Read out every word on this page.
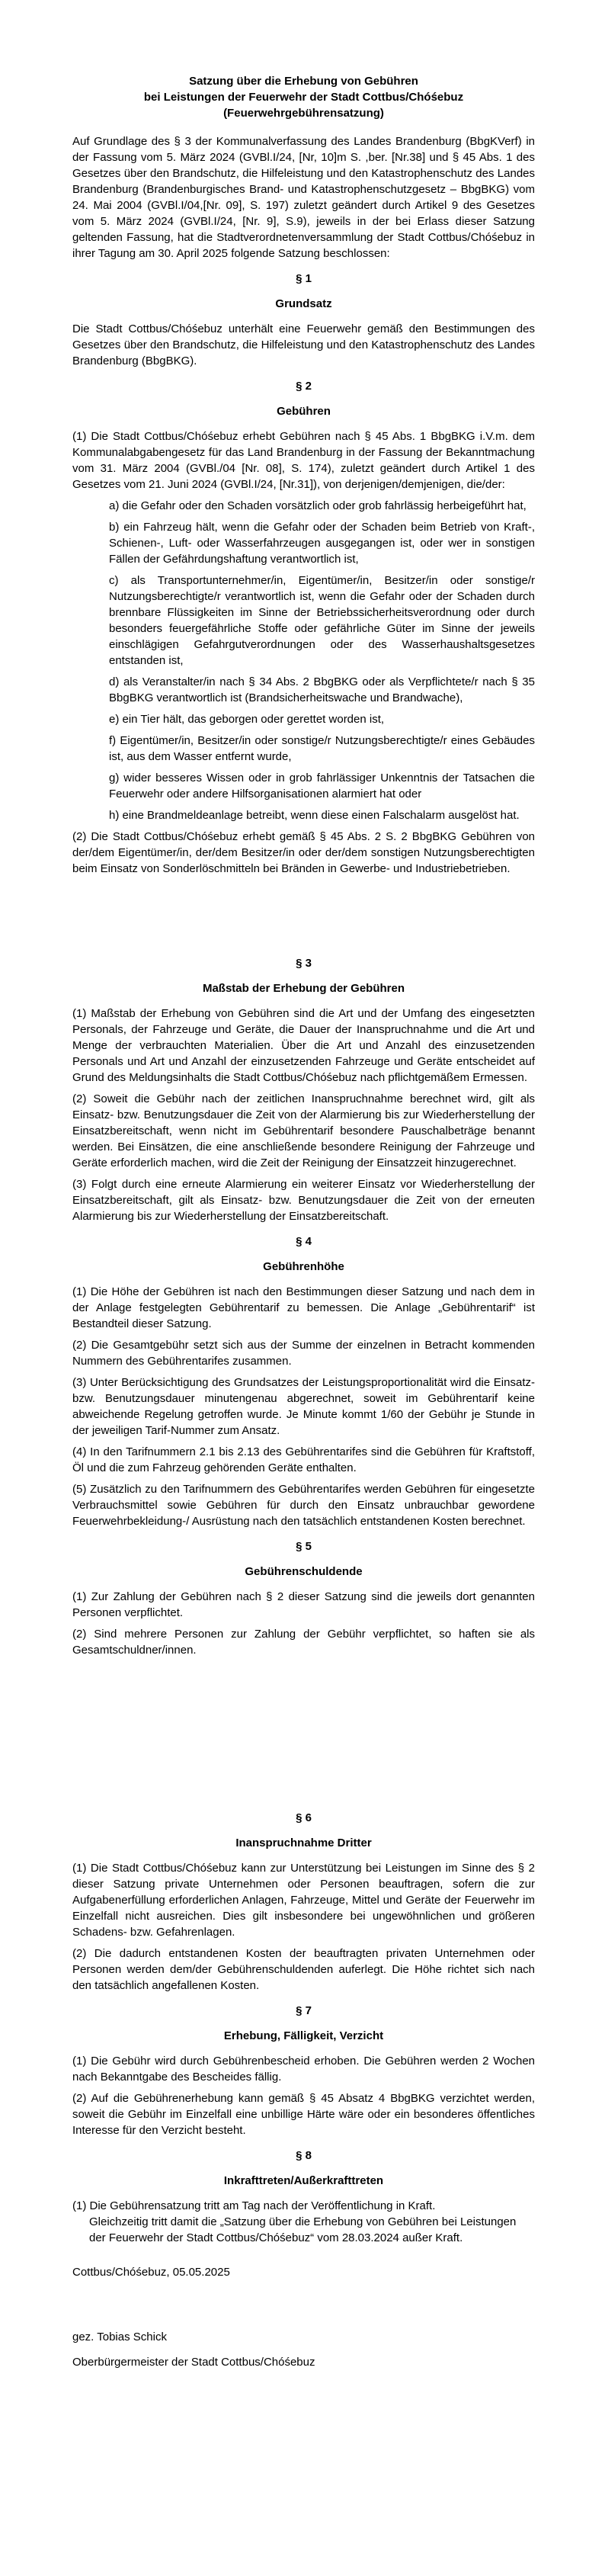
Satzung über die Erhebung von Gebühren
bei Leistungen der Feuerwehr der Stadt Cottbus/Chóśebuz
(Feuerwehrgebührensatzung)

Auf Grundlage des § 3 der Kommunalverfassung des Landes Brandenburg (BbgKVerf) in der Fassung vom 5. März 2024 (GVBl.I/24, [Nr, 10]m S. ,ber. [Nr.38] und § 45 Abs. 1 des Gesetzes über den Brandschutz, die Hilfeleistung und den Katastrophenschutz des Landes Brandenburg (Brandenburgisches Brand- und Katastrophenschutzgesetz – BbgBKG) vom 24. Mai 2004 (GVBl.I/04,[Nr. 09], S. 197) zuletzt geändert durch Artikel 9 des Gesetzes vom 5. März 2024 (GVBl.I/24, [Nr. 9], S.9), jeweils in der bei Erlass dieser Satzung geltenden Fassung, hat die Stadtverordnetenversammlung der Stadt Cottbus/Chóśebuz in ihrer Tagung am 30. April 2025 folgende Satzung beschlossen:

§ 1
Grundsatz

Die Stadt Cottbus/Chóśebuz unterhält eine Feuerwehr gemäß den Bestimmungen des Gesetzes über den Brandschutz, die Hilfeleistung und den Katastrophenschutz des Landes Brandenburg (BbgBKG).

§ 2
Gebühren

(1) Die Stadt Cottbus/Chóśebuz erhebt Gebühren nach § 45 Abs. 1 BbgBKG i.V.m. dem Kommunalabgabengesetz für das Land Brandenburg in der Fassung der Bekanntmachung vom 31. März 2004 (GVBl./04 [Nr. 08], S. 174), zuletzt geändert durch Artikel 1 des Gesetzes vom 21. Juni 2024 (GVBl.I/24, [Nr.31]), von derjenigen/demjenigen, die/der:

a) die Gefahr oder den Schaden vorsätzlich oder grob fahrlässig herbeigeführt hat,
b) ein Fahrzeug hält, wenn die Gefahr oder der Schaden beim Betrieb von Kraft-, Schienen-, Luft- oder Wasserfahrzeugen ausgegangen ist, oder wer in sonstigen Fällen der Gefährdungshaftung verantwortlich ist,
c) als Transportunternehmer/in, Eigentümer/in, Besitzer/in oder sonstige/r Nutzungsberechtigte/r verantwortlich ist, wenn die Gefahr oder der Schaden durch brennbare Flüssigkeiten im Sinne der Betriebssicherheitsverordnung oder durch besonders feuergefährliche Stoffe oder gefährliche Güter im Sinne der jeweils einschlägigen Gefahrgutverordnungen oder des Wasserhaushaltsgesetzes entstanden ist,
d) als Veranstalter/in nach § 34 Abs. 2 BbgBKG oder als Verpflichtete/r nach § 35 BbgBKG verantwortlich ist (Brandsicherheitswache und Brandwache),
e) ein Tier hält, das geborgen oder gerettet worden ist,
f) Eigentümer/in, Besitzer/in oder sonstige/r Nutzungsberechtigte/r eines Gebäudes ist, aus dem Wasser entfernt wurde,
g) wider besseres Wissen oder in grob fahrlässiger Unkenntnis der Tatsachen die Feuerwehr oder andere Hilfsorganisationen alarmiert hat oder
h) eine Brandmeldeanlage betreibt, wenn diese einen Falschalarm ausgelöst hat.

(2) Die Stadt Cottbus/Chóśebuz erhebt gemäß § 45 Abs. 2 S. 2 BbgBKG Gebühren von der/dem Eigentümer/in, der/dem Besitzer/in oder der/dem sonstigen Nutzungsberechtigten beim Einsatz von Sonderlöschmitteln bei Bränden in Gewerbe- und Industriebetrieben.

§ 3
Maßstab der Erhebung der Gebühren

(1) Maßstab der Erhebung von Gebühren sind die Art und der Umfang des eingesetzten Personals, der Fahrzeuge und Geräte, die Dauer der Inanspruchnahme und die Art und Menge der verbrauchten Materialien. Über die Art und Anzahl des einzusetzenden Personals und Art und Anzahl der einzusetzenden Fahrzeuge und Geräte entscheidet auf Grund des Meldungsinhalts die Stadt Cottbus/Chóśebuz nach pflichtgemäßem Ermessen.

(2) Soweit die Gebühr nach der zeitlichen Inanspruchnahme berechnet wird, gilt als Einsatz- bzw. Benutzungsdauer die Zeit von der Alarmierung bis zur Wiederherstellung der Einsatzbereitschaft, wenn nicht im Gebührentarif besondere Pauschalbeträge benannt werden. Bei Einsätzen, die eine anschließende besondere Reinigung der Fahrzeuge und Geräte erforderlich machen, wird die Zeit der Reinigung der Einsatzzeit hinzugerechnet.

(3) Folgt durch eine erneute Alarmierung ein weiterer Einsatz vor Wiederherstellung der Einsatzbereitschaft, gilt als Einsatz- bzw. Benutzungsdauer die Zeit von der erneuten Alarmierung bis zur Wiederherstellung der Einsatzbereitschaft.

§ 4
Gebührenhöhe

(1) Die Höhe der Gebühren ist nach den Bestimmungen dieser Satzung und nach dem in der Anlage festgelegten Gebührentarif zu bemessen. Die Anlage „Gebührentarif“ ist Bestandteil dieser Satzung.

(2) Die Gesamtgebühr setzt sich aus der Summe der einzelnen in Betracht kommenden Nummern des Gebührentarifes zusammen.

(3) Unter Berücksichtigung des Grundsatzes der Leistungsproportionalität wird die Einsatz- bzw. Benutzungsdauer minutengenau abgerechnet, soweit im Gebührentarif keine abweichende Regelung getroffen wurde. Je Minute kommt 1/60 der Gebühr je Stunde in der jeweiligen Tarif-Nummer zum Ansatz.

(4) In den Tarifnummern 2.1 bis 2.13 des Gebührentarifes sind die Gebühren für Kraftstoff, Öl und die zum Fahrzeug gehörenden Geräte enthalten.

(5) Zusätzlich zu den Tarifnummern des Gebührentarifes werden Gebühren für eingesetzte Verbrauchsmittel sowie Gebühren für durch den Einsatz unbrauchbar gewordene Feuerwehrbekleidung-/ Ausrüstung nach den tatsächlich entstandenen Kosten berechnet.

§ 5
Gebührenschuldende

(1) Zur Zahlung der Gebühren nach § 2 dieser Satzung sind die jeweils dort genannten Personen verpflichtet.

(2) Sind mehrere Personen zur Zahlung der Gebühr verpflichtet, so haften sie als Gesamtschuldner/innen.

§ 6
Inanspruchnahme Dritter

(1) Die Stadt Cottbus/Chóśebuz kann zur Unterstützung bei Leistungen im Sinne des § 2 dieser Satzung private Unternehmen oder Personen beauftragen, sofern die zur Aufgabenerfüllung erforderlichen Anlagen, Fahrzeuge, Mittel und Geräte der Feuerwehr im Einzelfall nicht ausreichen. Dies gilt insbesondere bei ungewöhnlichen und größeren Schadens- bzw. Gefahrenlagen.

(2) Die dadurch entstandenen Kosten der beauftragten privaten Unternehmen oder Personen werden dem/der Gebührenschuldenden auferlegt. Die Höhe richtet sich nach den tatsächlich angefallenen Kosten.

§ 7
Erhebung, Fälligkeit, Verzicht

(1) Die Gebühr wird durch Gebührenbescheid erhoben. Die Gebühren werden 2 Wochen nach Bekanntgabe des Bescheides fällig.

(2) Auf die Gebührenerhebung kann gemäß § 45 Absatz 4 BbgBKG verzichtet werden, soweit die Gebühr im Einzelfall eine unbillige Härte wäre oder ein besonderes öffentliches Interesse für den Verzicht besteht.

§ 8
Inkrafttreten/Außerkrafttreten

(1) Die Gebührensatzung tritt am Tag nach der Veröffentlichung in Kraft.
Gleichzeitig tritt damit die „Satzung über die Erhebung von Gebühren bei Leistungen der Feuerwehr der Stadt Cottbus/Chóśebuz“ vom 28.03.2024 außer Kraft.

Cottbus/Chóśebuz, 05.05.2025

gez. Tobias Schick

Oberbürgermeister der Stadt Cottbus/Chóśebuz
